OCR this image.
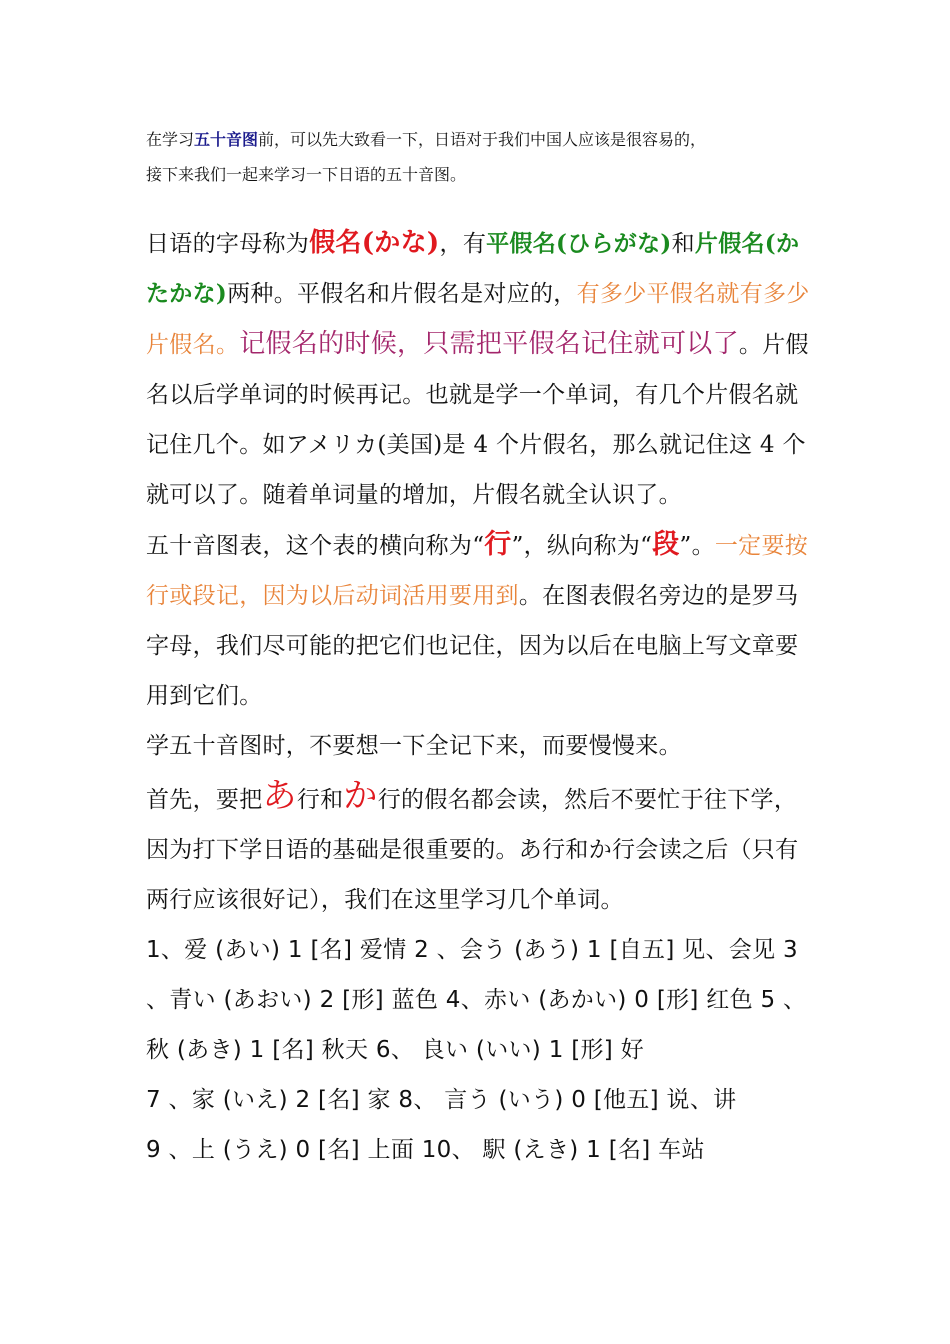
在学习五十音图前，可以先大致看一下，日语对于我们中国人应该是很容易的，
接下来我们一起来学习一下日语的五十音图。

日语的字母称为假名(かな)，有平假名(ひらがな)和片假名(かたかな)两种。平假名和片假名是对应的，有多少平假名就有多少片假名。记假名的时候，只需把平假名记住就可以了。片假名以后学单词的时候再记。也就是学一个单词，有几个片假名就记住几个。如アメリカ(美国)是 4 个片假名，那么就记住这 4 个就可以了。随着单词量的增加，片假名就全认识了。

五十音图表，这个表的横向称为“行”，纵向称为“段”。一定要按行或段记，因为以后动词活用要用到。在图表假名旁边的是罗马字母，我们尽可能的把它们也记住，因为以后在电脑上写文章要用到它们。

学五十音图时，不要想一下全记下来，而要慢慢来。

首先，要把あ行和か行的假名都会读，然后不要忙于往下学，因为打下学日语的基础是很重要的。あ行和か行会读之后（只有两行应该很好记），我们在这里学习几个单词。

1、爱 (あい) 1 [名] 爱情 2 、会う (あう) 1 [自五] 见、会见 3 、青い (あおい) 2 [形] 蓝色 4、赤い (あかい) 0 [形] 红色 5 、秋 (あき) 1 [名] 秋天 6、 良い (いい) 1 [形] 好

7 、家 (いえ) 2 [名] 家 8、 言う (いう) 0 [他五] 说、讲

9 、上 (うえ) 0 [名] 上面 10、 駅 (えき) 1 [名] 车站
